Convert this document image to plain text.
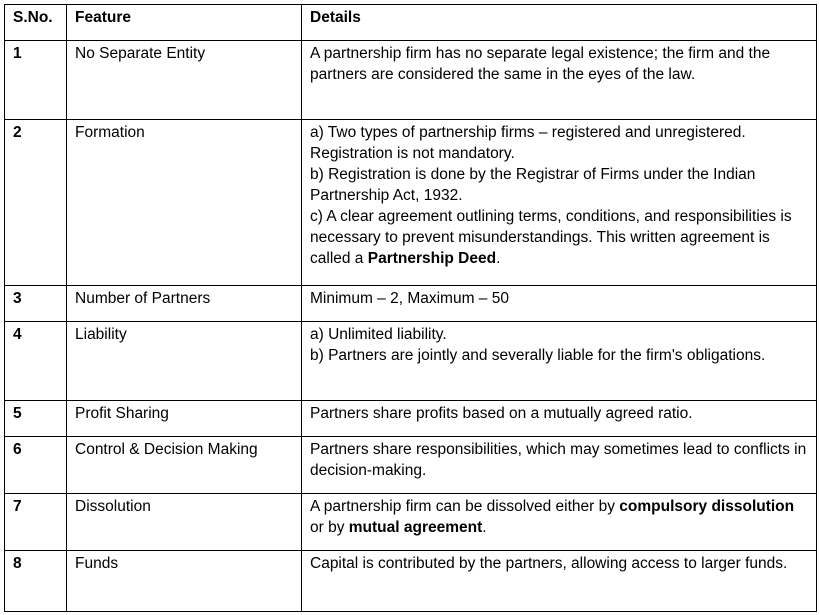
S.No.	Feature	Details
1	No Separate Entity	A partnership firm has no separate legal existence; the firm and the partners are considered the same in the eyes of the law.

2	Formation	a) Two types of partnership firms – registered and unregistered. Registration is not mandatory.
b) Registration is done by the Registrar of Firms under the Indian Partnership Act, 1932.
c) A clear agreement outlining terms, conditions, and responsibilities is necessary to prevent misunderstandings. This written agreement is called a Partnership Deed.

3	Number of Partners	Minimum – 2, Maximum – 50

4	Liability	a) Unlimited liability.
b) Partners are jointly and severally liable for the firm's obligations.

5	Profit Sharing	Partners share profits based on a mutually agreed ratio.

6	Control & Decision Making	Partners share responsibilities, which may sometimes lead to conflicts in decision-making.

7	Dissolution	A partnership firm can be dissolved either by compulsory dissolution or by mutual agreement.

8	Funds	Capital is contributed by the partners, allowing access to larger funds.
